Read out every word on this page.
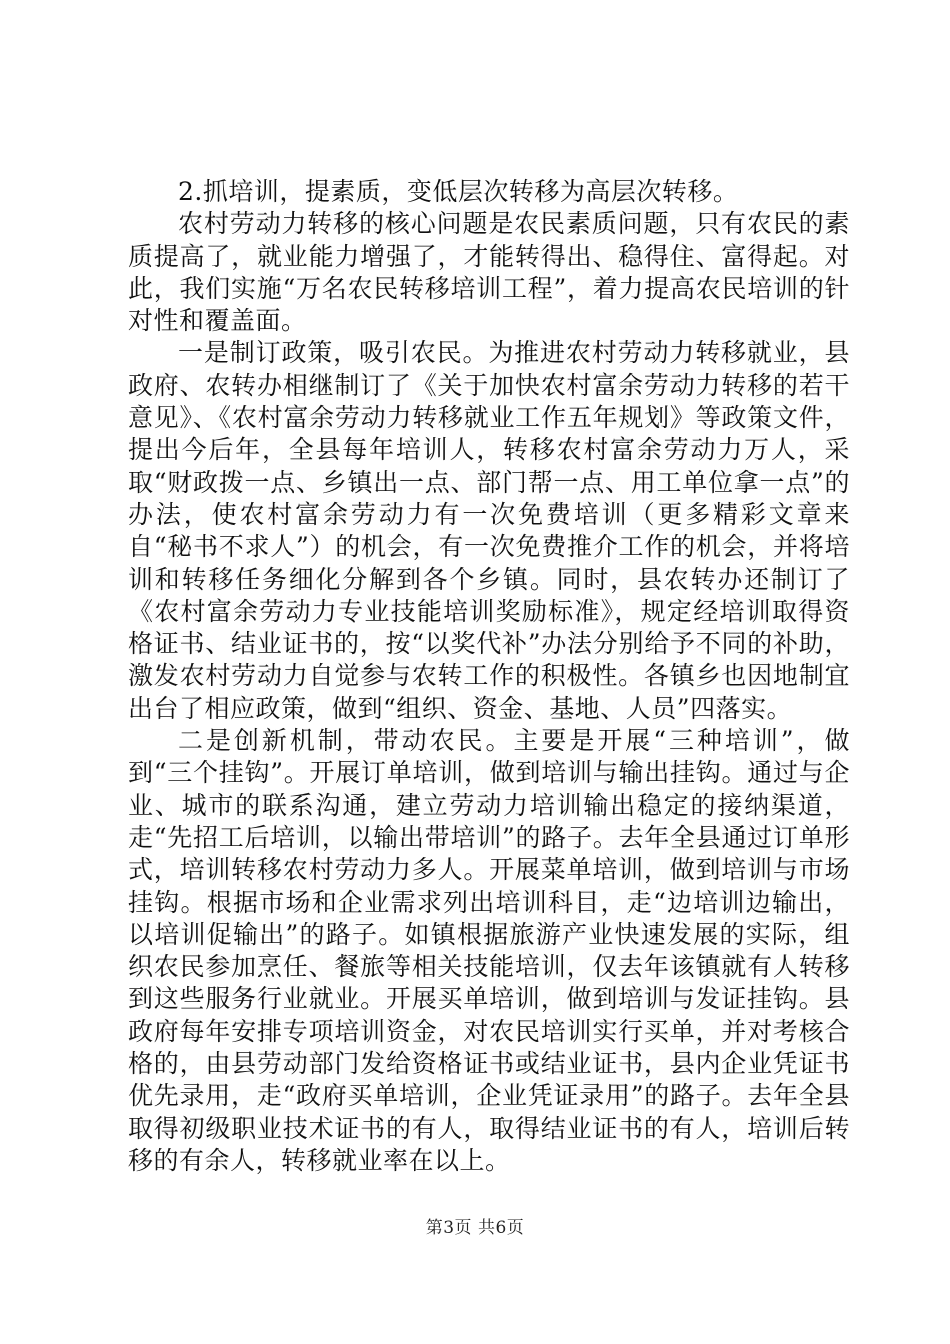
2.抓培训，提素质，变低层次转移为高层次转移。

农村劳动力转移的核心问题是农民素质问题，只有农民的素质提高了，就业能力增强了，才能转得出、稳得住、富得起。对此，我们实施“万名农民转移培训工程”，着力提高农民培训的针对性和覆盖面。

一是制订政策，吸引农民。为推进农村劳动力转移就业，县政府、农转办相继制订了《关于加快农村富余劳动力转移的若干意见》、《农村富余劳动力转移就业工作五年规划》等政策文件，提出今后年，全县每年培训人，转移农村富余劳动力万人，采取“财政拨一点、乡镇出一点、部门帮一点、用工单位拿一点”的办法，使农村富余劳动力有一次免费培训（更多精彩文章来自“秘书不求人”）的机会，有一次免费推介工作的机会，并将培训和转移任务细化分解到各个乡镇。同时，县农转办还制订了《农村富余劳动力专业技能培训奖励标准》，规定经培训取得资格证书、结业证书的，按“以奖代补”办法分别给予不同的补助，激发农村劳动力自觉参与农转工作的积极性。各镇乡也因地制宜出台了相应政策，做到“组织、资金、基地、人员”四落实。

二是创新机制，带动农民。主要是开展“三种培训”，做到“三个挂钩”。开展订单培训，做到培训与输出挂钩。通过与企业、城市的联系沟通，建立劳动力培训输出稳定的接纳渠道，走“先招工后培训，以输出带培训”的路子。去年全县通过订单形式，培训转移农村劳动力多人。开展菜单培训，做到培训与市场挂钩。根据市场和企业需求列出培训科目，走“边培训边输出，以培训促输出”的路子。如镇根据旅游产业快速发展的实际，组织农民参加烹任、餐旅等相关技能培训，仅去年该镇就有人转移到这些服务行业就业。开展买单培训，做到培训与发证挂钩。县政府每年安排专项培训资金，对农民培训实行买单，并对考核合格的，由县劳动部门发给资格证书或结业证书，县内企业凭证书优先录用，走“政府买单培训，企业凭证录用”的路子。去年全县取得初级职业技术证书的有人，取得结业证书的有人，培训后转移的有余人，转移就业率在以上。

第3页 共6页
